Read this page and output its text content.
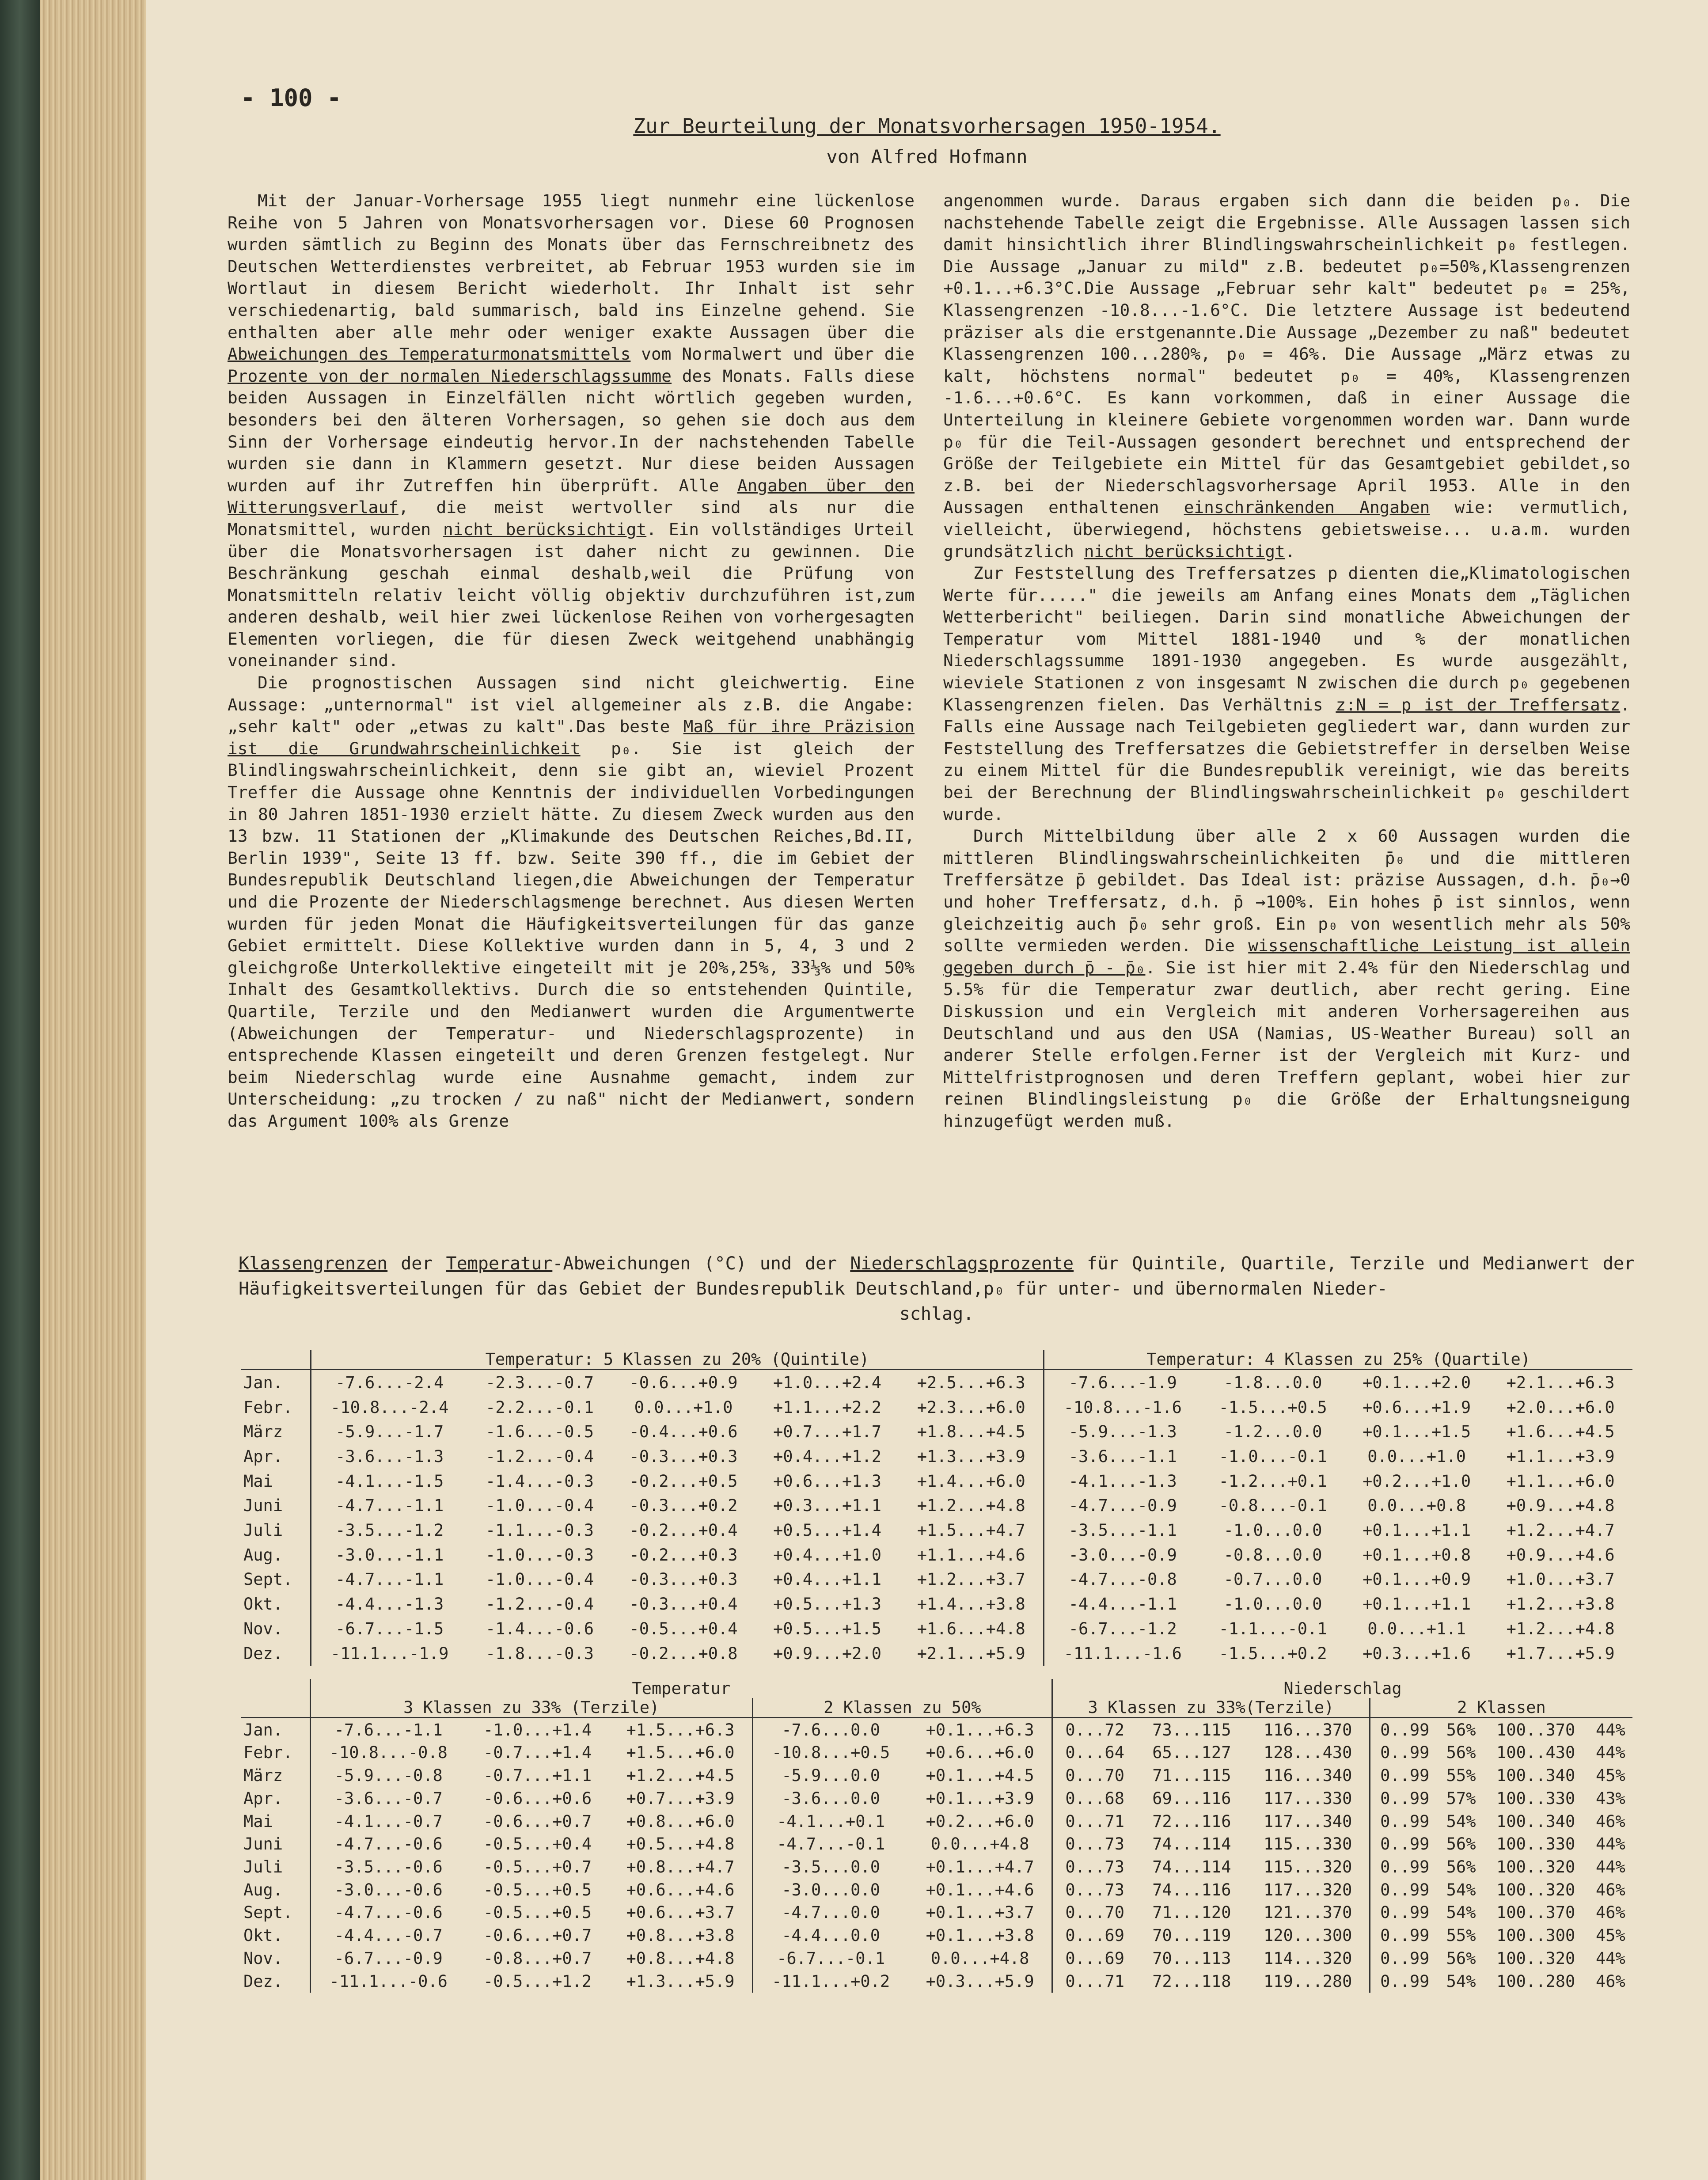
- 100 -
Zur Beurteilung der Monatsvorhersagen 1950-1954.
von Alfred Hofmann

Mit der Januar-Vorhersage 1955 liegt nunmehr eine lückenlose Reihe von 5 Jahren von Monatsvorhersagen vor. Diese 60 Prognosen wurden sämtlich zu Beginn des Monats über das Fernschreibnetz des Deutschen Wetterdienstes verbreitet, ab Februar 1953 wurden sie im Wortlaut in diesem Bericht wiederholt. Ihr Inhalt ist sehr verschiedenartig, bald summarisch, bald ins Einzelne gehend. Sie enthalten aber alle mehr oder weniger exakte Aussagen über die Abweichungen des Temperaturmonatsmittels vom Normalwert und über die Prozente von der normalen Niederschlagssumme des Monats. Falls diese beiden Aussagen in Einzelfällen nicht wörtlich gegeben wurden, besonders bei den älteren Vorhersagen, so gehen sie doch aus dem Sinn der Vorhersage eindeutig hervor.In der nachstehenden Tabelle wurden sie dann in Klammern gesetzt. Nur diese beiden Aussagen wurden auf ihr Zutreffen hin überprüft. Alle Angaben über den Witterungsverlauf, die meist wertvoller sind als nur die Monatsmittel, wurden nicht berücksichtigt. Ein vollständiges Urteil über die Monatsvorhersagen ist daher nicht zu gewinnen. Die Beschränkung geschah einmal deshalb,weil die Prüfung von Monatsmitteln relativ leicht völlig objektiv durchzuführen ist,zum anderen deshalb, weil hier zwei lückenlose Reihen von vorhergesagten Elementen vorliegen, die für diesen Zweck weitgehend unabhängig voneinander sind.

Die prognostischen Aussagen sind nicht gleichwertig. Eine Aussage: „unternormal" ist viel allgemeiner als z.B. die Angabe: „sehr kalt" oder „etwas zu kalt".Das beste Maß für ihre Präzision ist die Grundwahrscheinlichkeit p₀. Sie ist gleich der Blindlingswahrscheinlichkeit, denn sie gibt an, wieviel Prozent Treffer die Aussage ohne Kenntnis der individuellen Vorbedingungen in 80 Jahren 1851-1930 erzielt hätte. Zu diesem Zweck wurden aus den 13 bzw. 11 Stationen der „Klimakunde des Deutschen Reiches,Bd.II, Berlin 1939", Seite 13 ff. bzw. Seite 390 ff., die im Gebiet der Bundesrepublik Deutschland liegen,die Abweichungen der Temperatur und die Prozente der Niederschlagsmenge berechnet. Aus diesen Werten wurden für jeden Monat die Häufigkeitsverteilungen für das ganze Gebiet ermittelt. Diese Kollektive wurden dann in 5, 4, 3 und 2 gleichgroße Unterkollektive eingeteilt mit je 20%,25%, 33⅓% und 50% Inhalt des Gesamtkollektivs. Durch die so entstehenden Quintile, Quartile, Terzile und den Medianwert wurden die Argumentwerte (Abweichungen der Temperatur- und Niederschlagsprozente) in entsprechende Klassen eingeteilt und deren Grenzen festgelegt. Nur beim Niederschlag wurde eine Ausnahme gemacht, indem zur Unterscheidung: „zu trocken / zu naß" nicht der Medianwert, sondern das Argument 100% als Grenze

angenommen wurde. Daraus ergaben sich dann die beiden p₀. Die nachstehende Tabelle zeigt die Ergebnisse. Alle Aussagen lassen sich damit hinsichtlich ihrer Blindlingswahrscheinlichkeit p₀ festlegen. Die Aussage „Januar zu mild" z.B. bedeutet p₀=50%,Klassengrenzen +0.1...+6.3°C.Die Aussage „Februar sehr kalt" bedeutet p₀ = 25%, Klassengrenzen -10.8...-1.6°C. Die letztere Aussage ist bedeutend präziser als die erstgenannte.Die Aussage „Dezember zu naß" bedeutet Klassengrenzen 100...280%, p₀ = 46%. Die Aussage „März etwas zu kalt, höchstens normal" bedeutet p₀ = 40%, Klassengrenzen -1.6...+0.6°C. Es kann vorkommen, daß in einer Aussage die Unterteilung in kleinere Gebiete vorgenommen worden war. Dann wurde p₀ für die Teil-Aussagen gesondert berechnet und entsprechend der Größe der Teilgebiete ein Mittel für das Gesamtgebiet gebildet,so z.B. bei der Niederschlagsvorhersage April 1953. Alle in den Aussagen enthaltenen einschränkenden Angaben wie: vermutlich, vielleicht, überwiegend, höchstens gebietsweise... u.a.m. wurden grundsätzlich nicht berücksichtigt.

Zur Feststellung des Treffersatzes p dienten die„Klimatologischen Werte für....." die jeweils am Anfang eines Monats dem „Täglichen Wetterbericht" beiliegen. Darin sind monatliche Abweichungen der Temperatur vom Mittel 1881-1940 und % der monatlichen Niederschlagssumme 1891-1930 angegeben. Es wurde ausgezählt, wieviele Stationen z von insgesamt N zwischen die durch p₀ gegebenen Klassengrenzen fielen. Das Verhältnis z:N = p ist der Treffersatz. Falls eine Aussage nach Teilgebieten gegliedert war, dann wurden zur Feststellung des Treffersatzes die Gebietstreffer in derselben Weise zu einem Mittel für die Bundesrepublik vereinigt, wie das bereits bei der Berechnung der Blindlingswahrscheinlichkeit p₀ geschildert wurde.

Durch Mittelbildung über alle 2 x 60 Aussagen wurden die mittleren Blindlingswahrscheinlichkeiten p̄₀ und die mittleren Treffersätze p̄ gebildet. Das Ideal ist: präzise Aussagen, d.h. p̄₀→0 und hoher Treffersatz, d.h. p̄ →100%. Ein hohes p̄ ist sinnlos, wenn gleichzeitig auch p̄₀ sehr groß. Ein p₀ von wesentlich mehr als 50% sollte vermieden werden. Die wissenschaftliche Leistung ist allein gegeben durch p̄ - p̄₀. Sie ist hier mit 2.4% für den Niederschlag und 5.5% für die Temperatur zwar deutlich, aber recht gering. Eine Diskussion und ein Vergleich mit anderen Vorhersagereihen aus Deutschland und aus den USA (Namias, US-Weather Bureau) soll an anderer Stelle erfolgen.Ferner ist der Vergleich mit Kurz- und Mittelfristprognosen und deren Treffern geplant, wobei hier zur reinen Blindlingsleistung p₀ die Größe der Erhaltungsneigung hinzugefügt werden muß.

Klassengrenzen der Temperatur-Abweichungen (°C) und der Niederschlagsprozente für Quintile, Quartile, Terzile und Medianwert der Häufigkeitsverteilungen für das Gebiet der Bundesrepublik Deutschland,p₀ für unter- und übernormalen Nieder-
schlag.
	Temperatur: 5 Klassen zu 20% (Quintile)					Temperatur: 4 Klassen zu 25% (Quartile)			
Jan.	-7.6...-2.4	-2.3...-0.7	-0.6...+0.9	+1.0...+2.4	+2.5...+6.3	-7.6...-1.9	-1.8...0.0	+0.1...+2.0	+2.1...+6.3
Febr.	-10.8...-2.4	-2.2...-0.1	0.0...+1.0	+1.1...+2.2	+2.3...+6.0	-10.8...-1.6	-1.5...+0.5	+0.6...+1.9	+2.0...+6.0
März	-5.9...-1.7	-1.6...-0.5	-0.4...+0.6	+0.7...+1.7	+1.8...+4.5	-5.9...-1.3	-1.2...0.0	+0.1...+1.5	+1.6...+4.5
Apr.	-3.6...-1.3	-1.2...-0.4	-0.3...+0.3	+0.4...+1.2	+1.3...+3.9	-3.6...-1.1	-1.0...-0.1	0.0...+1.0	+1.1...+3.9
Mai	-4.1...-1.5	-1.4...-0.3	-0.2...+0.5	+0.6...+1.3	+1.4...+6.0	-4.1...-1.3	-1.2...+0.1	+0.2...+1.0	+1.1...+6.0
Juni	-4.7...-1.1	-1.0...-0.4	-0.3...+0.2	+0.3...+1.1	+1.2...+4.8	-4.7...-0.9	-0.8...-0.1	0.0...+0.8	+0.9...+4.8
Juli	-3.5...-1.2	-1.1...-0.3	-0.2...+0.4	+0.5...+1.4	+1.5...+4.7	-3.5...-1.1	-1.0...0.0	+0.1...+1.1	+1.2...+4.7
Aug.	-3.0...-1.1	-1.0...-0.3	-0.2...+0.3	+0.4...+1.0	+1.1...+4.6	-3.0...-0.9	-0.8...0.0	+0.1...+0.8	+0.9...+4.6
Sept.	-4.7...-1.1	-1.0...-0.4	-0.3...+0.3	+0.4...+1.1	+1.2...+3.7	-4.7...-0.8	-0.7...0.0	+0.1...+0.9	+1.0...+3.7
Okt.	-4.4...-1.3	-1.2...-0.4	-0.3...+0.4	+0.5...+1.3	+1.4...+3.8	-4.4...-1.1	-1.0...0.0	+0.1...+1.1	+1.2...+3.8
Nov.	-6.7...-1.5	-1.4...-0.6	-0.5...+0.4	+0.5...+1.5	+1.6...+4.8	-6.7...-1.2	-1.1...-0.1	0.0...+1.1	+1.2...+4.8
Dez.	-11.1...-1.9	-1.8...-0.3	-0.2...+0.8	+0.9...+2.0	+2.1...+5.9	-11.1...-1.6	-1.5...+0.2	+0.3...+1.6	+1.7...+5.9
	Temperatur					Niederschlag						
	3 Klassen zu 33% (Terzile)			2 Klassen zu 50%		3 Klassen zu 33%(Terzile)			2 Klassen			
Jan.	-7.6...-1.1	-1.0...+1.4	+1.5...+6.3	-7.6...0.0	+0.1...+6.3	0...72	73...115	116...370	0..99	56%	100..370	44%
Febr.	-10.8...-0.8	-0.7...+1.4	+1.5...+6.0	-10.8...+0.5	+0.6...+6.0	0...64	65...127	128...430	0..99	56%	100..430	44%
März	-5.9...-0.8	-0.7...+1.1	+1.2...+4.5	-5.9...0.0	+0.1...+4.5	0...70	71...115	116...340	0..99	55%	100..340	45%
Apr.	-3.6...-0.7	-0.6...+0.6	+0.7...+3.9	-3.6...0.0	+0.1...+3.9	0...68	69...116	117...330	0..99	57%	100..330	43%
Mai	-4.1...-0.7	-0.6...+0.7	+0.8...+6.0	-4.1...+0.1	+0.2...+6.0	0...71	72...116	117...340	0..99	54%	100..340	46%
Juni	-4.7...-0.6	-0.5...+0.4	+0.5...+4.8	-4.7...-0.1	0.0...+4.8	0...73	74...114	115...330	0..99	56%	100..330	44%
Juli	-3.5...-0.6	-0.5...+0.7	+0.8...+4.7	-3.5...0.0	+0.1...+4.7	0...73	74...114	115...320	0..99	56%	100..320	44%
Aug.	-3.0...-0.6	-0.5...+0.5	+0.6...+4.6	-3.0...0.0	+0.1...+4.6	0...73	74...116	117...320	0..99	54%	100..320	46%
Sept.	-4.7...-0.6	-0.5...+0.5	+0.6...+3.7	-4.7...0.0	+0.1...+3.7	0...70	71...120	121...370	0..99	54%	100..370	46%
Okt.	-4.4...-0.7	-0.6...+0.7	+0.8...+3.8	-4.4...0.0	+0.1...+3.8	0...69	70...119	120...300	0..99	55%	100..300	45%
Nov.	-6.7...-0.9	-0.8...+0.7	+0.8...+4.8	-6.7...-0.1	0.0...+4.8	0...69	70...113	114...320	0..99	56%	100..320	44%
Dez.	-11.1...-0.6	-0.5...+1.2	+1.3...+5.9	-11.1...+0.2	+0.3...+5.9	0...71	72...118	119...280	0..99	54%	100..280	46%
